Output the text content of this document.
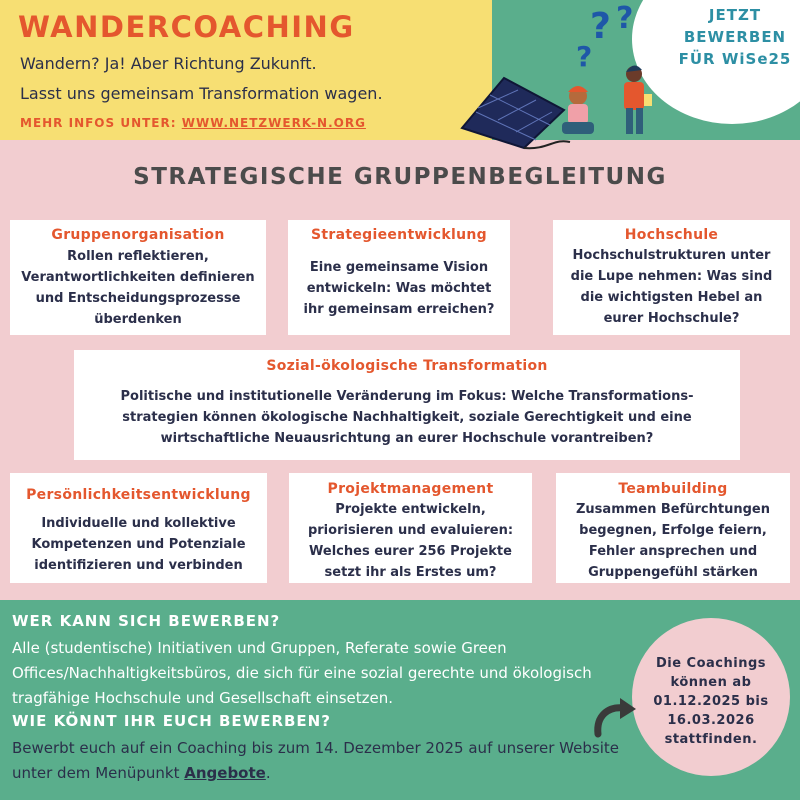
JETZT
BEWERBEN
FÜR WiSe25
WANDERCOACHING
Wandern? Ja! Aber Richtung Zukunft.
Lasst uns gemeinsam Transformation wagen.
MEHR INFOS UNTER: WWW.NETZWERK-N.ORG
? ?
?
STRATEGISCHE GRUPPENBEGLEITUNG
Gruppenorganisation

Rollen reflektieren, Verantwortlichkeiten definieren und Entscheidungsprozesse überdenken

Strategieentwicklung

Eine gemeinsame Vision entwickeln: Was möchtet ihr gemeinsam erreichen?

Hochschule

Hochschulstrukturen unter die Lupe nehmen: Was sind die wichtigsten Hebel an eurer Hochschule?

Sozial-ökologische Transformation

Politische und institutionelle Veränderung im Fokus: Welche Transformations-strategien können ökologische Nachhaltigkeit, soziale Gerechtigkeit und eine wirtschaftliche Neuausrichtung an eurer Hochschule vorantreiben?

Persönlichkeitsentwicklung

Individuelle und kollektive Kompetenzen und Potenziale identifizieren und verbinden

Projektmanagement

Projekte entwickeln, priorisieren und evaluieren: Welches eurer 256 Projekte setzt ihr als Erstes um?

Teambuilding

Zusammen Befürchtungen begegnen, Erfolge feiern, Fehler ansprechen und Gruppengefühl stärken

WER KANN SICH BEWERBEN?
Alle (studentische) Initiativen und Gruppen, Referate sowie Green Offices/Nachhaltigkeitsbüros, die sich für eine sozial gerechte und ökologisch tragfähige Hochschule und Gesellschaft einsetzen.
WIE KÖNNT IHR EUCH BEWERBEN?
Bewerbt euch auf ein Coaching bis zum 14. Dezember 2025 auf unserer Website unter dem Menüpunkt Angebote.
Die Coachings
können ab
01.12.2025 bis
16.03.2026
stattfinden.
